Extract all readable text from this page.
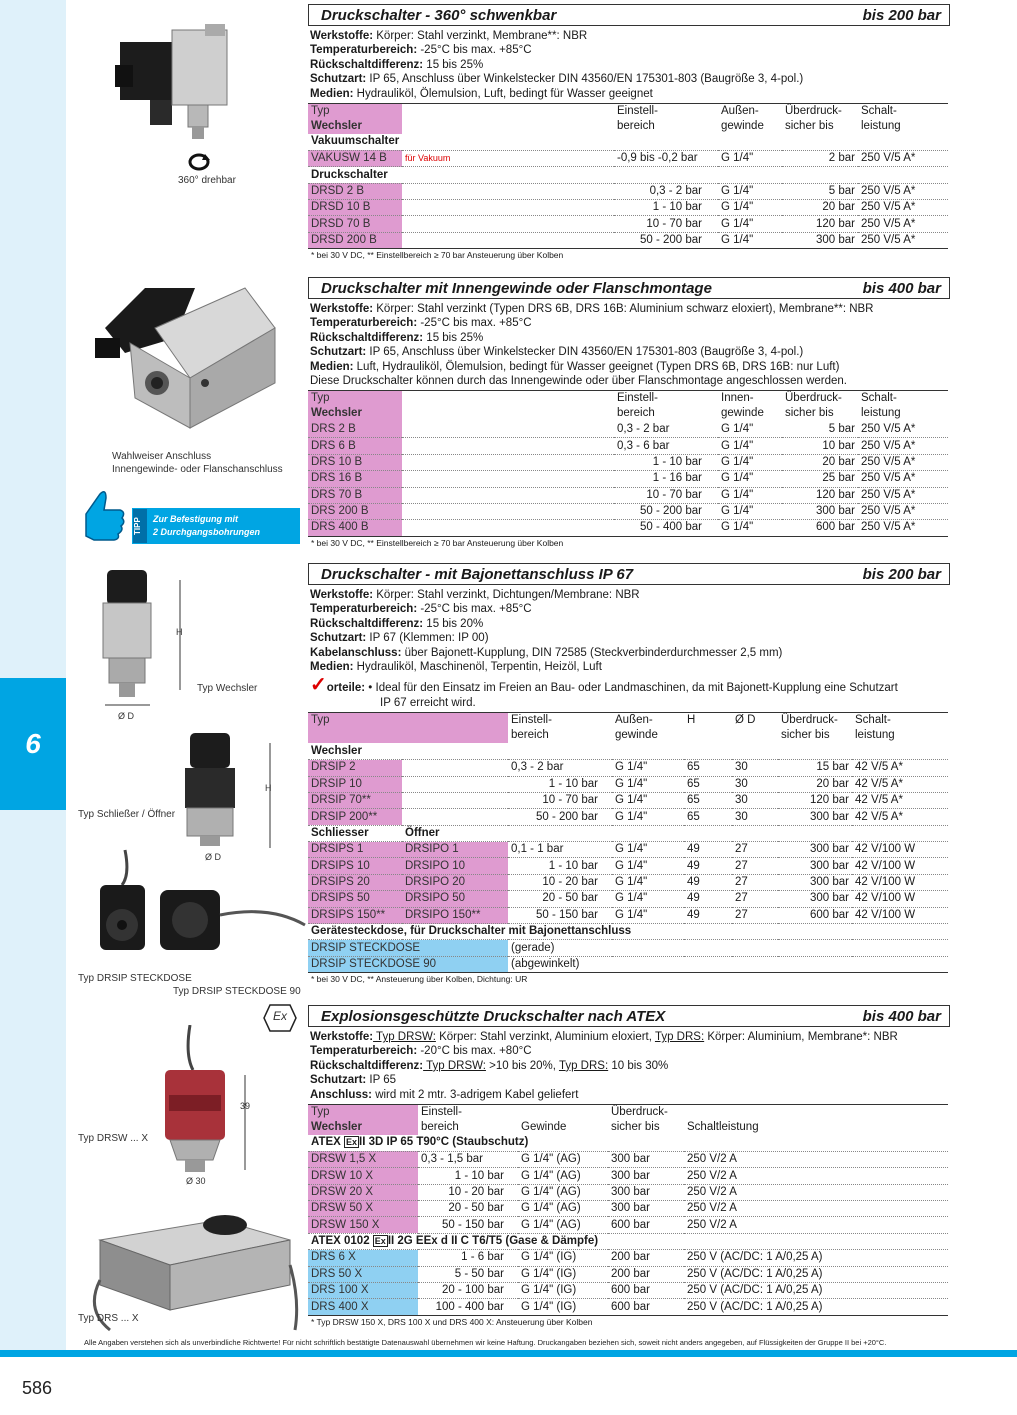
6
360° drehbar
Wahlweiser Anschluss
Innengewinde- oder Flanschanschluss
TIPP	Zur Befestigung mit
2 Durchgangsbohrungen
H
Ø D
Typ Wechsler
H
Ø D
Typ Schließer / Öffner
Typ DRSIP STECKDOSE
Typ DRSIP STECKDOSE 90
Ex
39
Ø 30
Typ DRSW ... X
Typ DRS ... X
Druckschalter - 360° schwenkbar	bis 200 bar
Werkstoffe: Körper: Stahl verzinkt, Membrane**: NBR
Temperaturbereich: -25°C bis max. +85°C
Rückschaltdifferenz: 15 bis 25%
Schutzart: IP 65, Anschluss über Winkelstecker DIN 43560/EN 175301-803 (Baugröße 3, 4-pol.)
Medien: Hydrauliköl, Ölemulsion, Luft, bedingt für Wasser geeignet
Typ
Wechsler		Einstell-
bereich	Außen-
gewinde	Überdruck-
sicher bis	Schalt-
leistung
Vakuumschalter					
VAKUSW 14 B	für Vakuum	-0,9 bis -0,2 bar	G 1/4"	2 bar	250 V/5 A*
Druckschalter					
DRSD 2 B		0,3 - 2 bar	G 1/4"	5 bar	250 V/5 A*
DRSD 10 B		1 - 10 bar	G 1/4"	20 bar	250 V/5 A*
DRSD 70 B		10 - 70 bar	G 1/4"	120 bar	250 V/5 A*
DRSD 200 B		50 - 200 bar	G 1/4"	300 bar	250 V/5 A*
* bei 30 V DC, ** Einstellbereich ≥ 70 bar Ansteuerung über Kolben
Druckschalter mit Innengewinde oder Flanschmontage	bis 400 bar
Werkstoffe: Körper: Stahl verzinkt (Typen DRS 6B, DRS 16B: Aluminium schwarz eloxiert), Membrane**: NBR
Temperaturbereich: -25°C bis max. +85°C
Rückschaltdifferenz: 15 bis 25%
Schutzart: IP 65, Anschluss über Winkelstecker DIN 43560/EN 175301-803 (Baugröße 3, 4-pol.)
Medien: Luft, Hydrauliköl, Ölemulsion, bedingt für Wasser geeignet (Typen DRS 6B, DRS 16B: nur Luft)
Diese Druckschalter können durch das Innengewinde oder über Flanschmontage angeschlossen werden.
Typ
Wechsler		Einstell-
bereich	Innen-
gewinde	Überdruck-
sicher bis	Schalt-
leistung
DRS 2 B		0,3 - 2 bar	G 1/4"	5 bar	250 V/5 A*
DRS 6 B		0,3 - 6 bar	G 1/4"	10 bar	250 V/5 A*
DRS 10 B		1 - 10 bar	G 1/4"	20 bar	250 V/5 A*
DRS 16 B		1 - 16 bar	G 1/4"	25 bar	250 V/5 A*
DRS 70 B		10 - 70 bar	G 1/4"	120 bar	250 V/5 A*
DRS 200 B		50 - 200 bar	G 1/4"	300 bar	250 V/5 A*
DRS 400 B		50 - 400 bar	G 1/4"	600 bar	250 V/5 A*
* bei 30 V DC, ** Einstellbereich ≥ 70 bar Ansteuerung über Kolben
Druckschalter - mit Bajonettanschluss IP 67	bis 200 bar
Werkstoffe: Körper: Stahl verzinkt, Dichtungen/Membrane: NBR
Temperaturbereich: -25°C bis max. +85°C
Rückschaltdifferenz: 15 bis 20%
Schutzart: IP 67 (Klemmen: IP 00)
Kabelanschluss: über Bajonett-Kupplung, DIN 72585 (Steckverbinderdurchmesser 2,5 mm)
Medien: Hydrauliköl, Maschinenöl, Terpentin, Heizöl, Luft
✓orteile: • Ideal für den Einsatz im Freien an Bau- oder Landmaschinen, da mit Bajonett-Kupplung eine Schutzart
IP 67 erreicht wird.
Typ		Einstell-
bereich	Außen-
gewinde	H	Ø D	Überdruck-
sicher bis	Schalt-
leistung
Wechsler							
DRSIP 2		0,3 - 2 bar	G 1/4"	65	30	15 bar	42 V/5 A*
DRSIP 10		1 - 10 bar	G 1/4"	65	30	20 bar	42 V/5 A*
DRSIP 70**		10 - 70 bar	G 1/4"	65	30	120 bar	42 V/5 A*
DRSIP 200**		50 - 200 bar	G 1/4"	65	30	300 bar	42 V/5 A*
Schliesser	Öffner						
DRSIPS 1	DRSIPO 1	0,1 - 1 bar	G 1/4"	49	27	300 bar	42 V/100 W
DRSIPS 10	DRSIPO 10	1 - 10 bar	G 1/4"	49	27	300 bar	42 V/100 W
DRSIPS 20	DRSIPO 20	10 - 20 bar	G 1/4"	49	27	300 bar	42 V/100 W
DRSIPS 50	DRSIPO 50	20 - 50 bar	G 1/4"	49	27	300 bar	42 V/100 W
DRSIPS 150**	DRSIPO 150**	50 - 150 bar	G 1/4"	49	27	600 bar	42 V/100 W
Gerätesteckdose, für Druckschalter mit Bajonettanschluss							
DRSIP STECKDOSE		(gerade)					
DRSIP STECKDOSE 90		(abgewinkelt)					
* bei 30 V DC, ** Ansteuerung über Kolben, Dichtung: UR
Explosionsgeschützte Druckschalter nach ATEX	bis 400 bar
Werkstoffe: Typ DRSW: Körper: Stahl verzinkt, Aluminium eloxiert, Typ DRS: Körper: Aluminium, Membrane*: NBR
Temperaturbereich: -20°C bis max. +80°C
Rückschaltdifferenz: Typ DRSW: >10 bis 20%, Typ DRS: 10 bis 30%
Schutzart: IP 65
Anschluss: wird mit 2 mtr. 3-adrigem Kabel geliefert
Typ
Wechsler	Einstell-
bereich	Gewinde	Überdruck-
sicher bis	Schaltleistung
ATEX Ex II 3D IP 65 T90°C (Staubschutz)				
DRSW 1,5 X	0,3 - 1,5 bar	G 1/4" (AG)	300 bar	250 V/2 A
DRSW 10 X	1 - 10 bar	G 1/4" (AG)	300 bar	250 V/2 A
DRSW 20 X	10 - 20 bar	G 1/4" (AG)	300 bar	250 V/2 A
DRSW 50 X	20 - 50 bar	G 1/4" (AG)	300 bar	250 V/2 A
DRSW 150 X	50 - 150 bar	G 1/4" (AG)	600 bar	250 V/2 A
ATEX 0102 Ex II 2G EEx d II C T6/T5 (Gase & Dämpfe)				
DRS 6 X	1 - 6 bar	G 1/4" (IG)	200 bar	250 V (AC/DC: 1 A/0,25 A)
DRS 50 X	5 - 50 bar	G 1/4" (IG)	200 bar	250 V (AC/DC: 1 A/0,25 A)
DRS 100 X	20 - 100 bar	G 1/4" (IG)	600 bar	250 V (AC/DC: 1 A/0,25 A)
DRS 400 X	100 - 400 bar	G 1/4" (IG)	600 bar	250 V (AC/DC: 1 A/0,25 A)
* Typ DRSW 150 X, DRS 100 X und DRS 400 X: Ansteuerung über Kolben
Alle Angaben verstehen sich als unverbindliche Richtwerte! Für nicht schriftlich bestätigte Datenauswahl übernehmen wir keine Haftung. Druckangaben beziehen sich, soweit nicht anders angegeben, auf Flüssigkeiten der Gruppe II bei +20°C.
586
